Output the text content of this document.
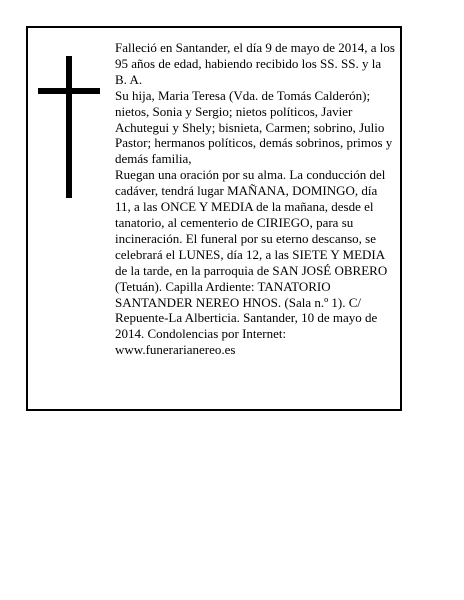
Falleció en Santander, el día 9 de mayo de 2014, a los 95 años de edad, habiendo recibido los SS. SS. y la B. A.

Su hija, Maria Teresa (Vda. de Tomás Calderón); nietos, Sonia y Sergio; nietos políticos, Javier Achutegui y Shely; bisnieta, Carmen; sobrino, Julio Pastor; hermanos políticos, demás sobrinos, primos y demás familia,

Ruegan una oración por su alma. La conducción del cadáver, tendrá lugar MAÑANA, DOMINGO, día 11, a las ONCE Y MEDIA de la mañana, desde el tanatorio, al cementerio de CIRIEGO, para su incineración. El funeral por su eterno descanso, se celebrará el LUNES, día 12, a las SIETE Y MEDIA de la tarde, en la parroquia de SAN JOSÉ OBRERO (Tetuán). Capilla Ardiente: TANATORIO SANTANDER NEREO HNOS. (Sala n.º 1). C/ Repuente-La Alberticia. Santander, 10 de mayo de 2014. Condolencias por Internet: www.funerarianereo.es
